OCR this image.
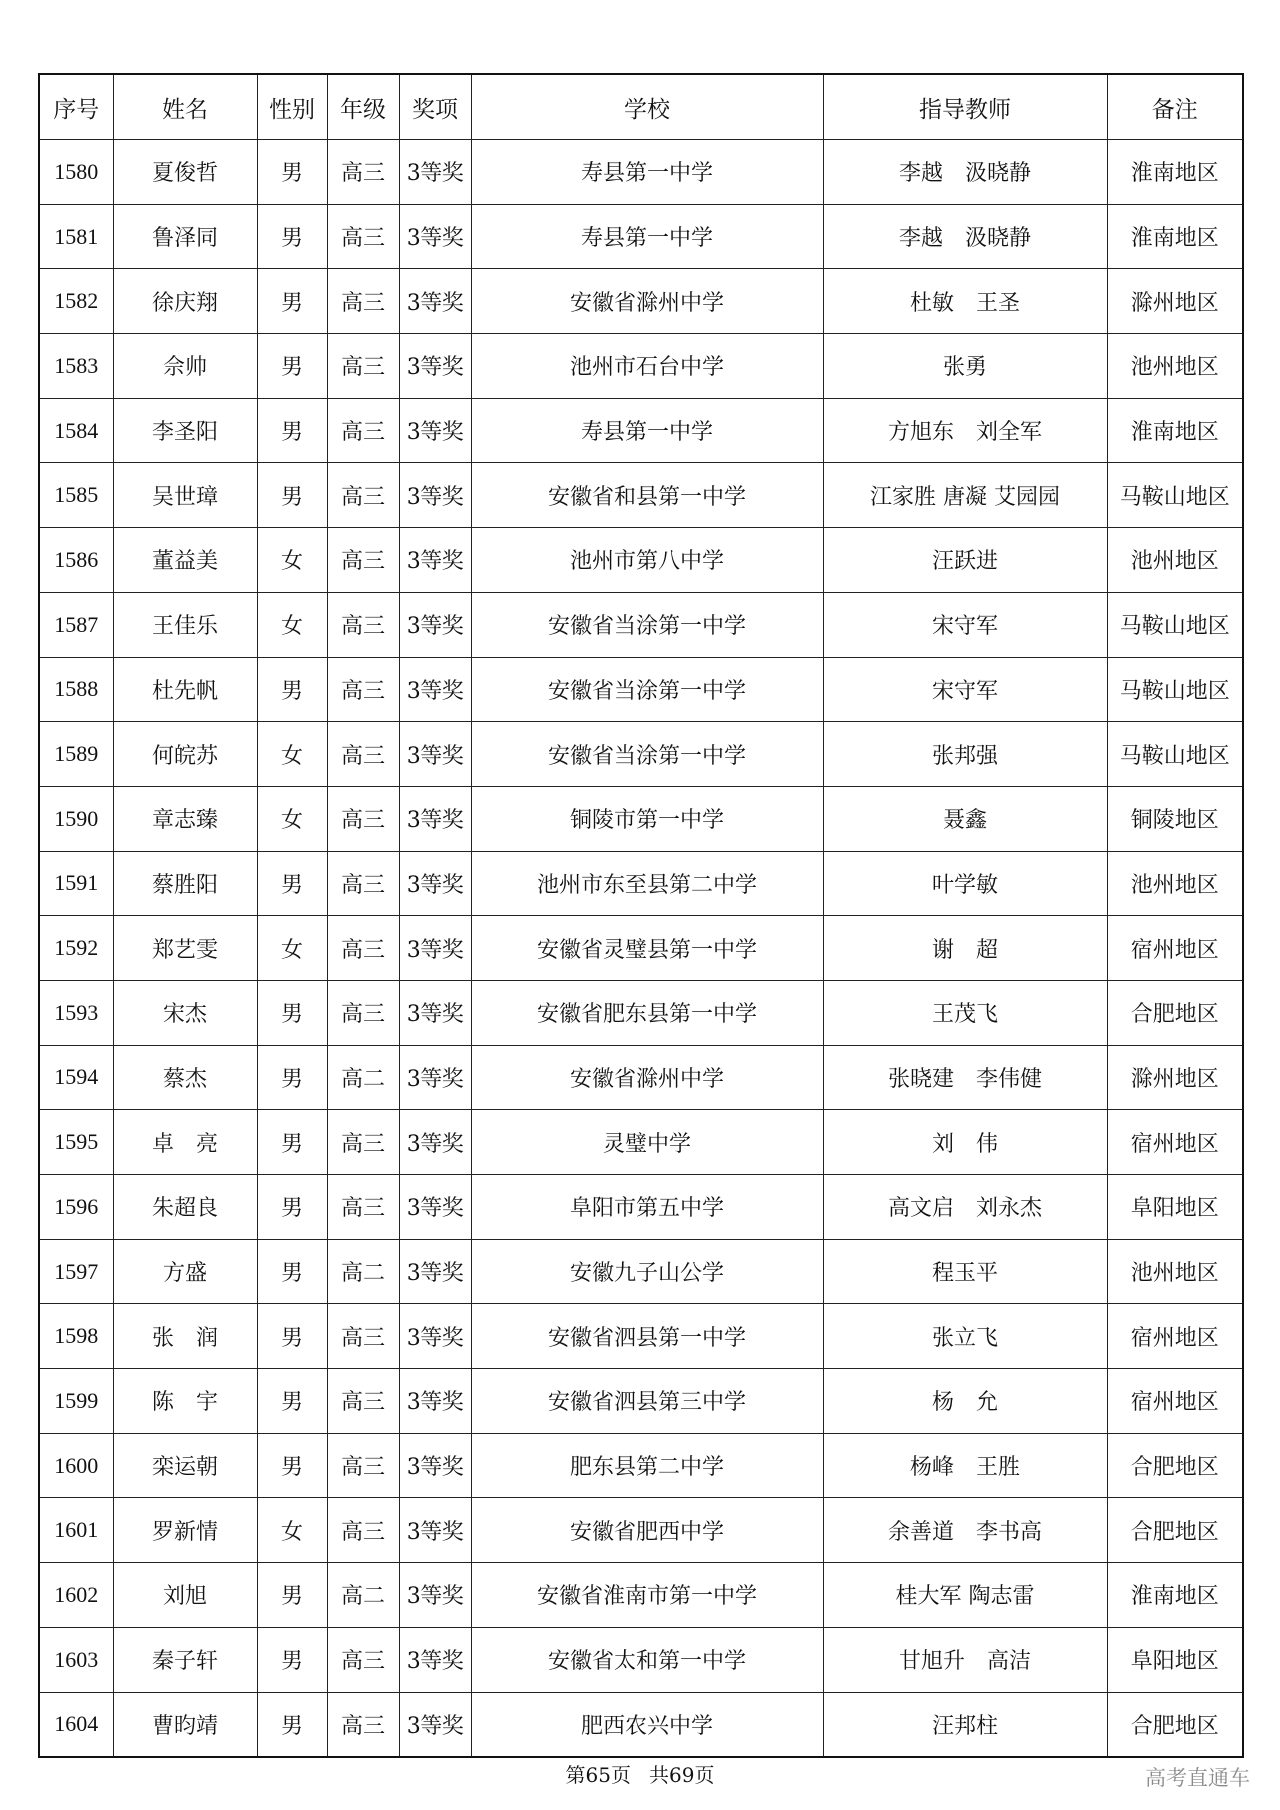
序号	姓名	性别	年级	奖项	学校	指导教师	备注
1580	夏俊哲	男	高三	3等奖	寿县第一中学	李越　汲晓静	淮南地区
1581	鲁泽同	男	高三	3等奖	寿县第一中学	李越　汲晓静	淮南地区
1582	徐庆翔	男	高三	3等奖	安徽省滁州中学	杜敏　王圣	滁州地区
1583	佘帅	男	高三	3等奖	池州市石台中学	张勇	池州地区
1584	李圣阳	男	高三	3等奖	寿县第一中学	方旭东　刘全军	淮南地区
1585	吴世璋	男	高三	3等奖	安徽省和县第一中学	江家胜 唐凝 艾园园	马鞍山地区
1586	董益美	女	高三	3等奖	池州市第八中学	汪跃进	池州地区
1587	王佳乐	女	高三	3等奖	安徽省当涂第一中学	宋守军	马鞍山地区
1588	杜先帆	男	高三	3等奖	安徽省当涂第一中学	宋守军	马鞍山地区
1589	何皖苏	女	高三	3等奖	安徽省当涂第一中学	张邦强	马鞍山地区
1590	章志臻	女	高三	3等奖	铜陵市第一中学	聂鑫	铜陵地区
1591	蔡胜阳	男	高三	3等奖	池州市东至县第二中学	叶学敏	池州地区
1592	郑艺雯	女	高三	3等奖	安徽省灵璧县第一中学	谢　超	宿州地区
1593	宋杰	男	高三	3等奖	安徽省肥东县第一中学	王茂飞	合肥地区
1594	蔡杰	男	高二	3等奖	安徽省滁州中学	张晓建　李伟健	滁州地区
1595	卓　亮	男	高三	3等奖	灵璧中学	刘　伟	宿州地区
1596	朱超良	男	高三	3等奖	阜阳市第五中学	高文启　刘永杰	阜阳地区
1597	方盛	男	高二	3等奖	安徽九子山公学	程玉平	池州地区
1598	张　润	男	高三	3等奖	安徽省泗县第一中学	张立飞	宿州地区
1599	陈　宇	男	高三	3等奖	安徽省泗县第三中学	杨　允	宿州地区
1600	栾运朝	男	高三	3等奖	肥东县第二中学	杨峰　王胜	合肥地区
1601	罗新情	女	高三	3等奖	安徽省肥西中学	余善道　李书高	合肥地区
1602	刘旭	男	高二	3等奖	安徽省淮南市第一中学	桂大军 陶志雷	淮南地区
1603	秦子轩	男	高三	3等奖	安徽省太和第一中学	甘旭升　高洁	阜阳地区
1604	曹昀靖	男	高三	3等奖	肥西农兴中学	汪邦柱	合肥地区
第65页 共69页	高考直通车
